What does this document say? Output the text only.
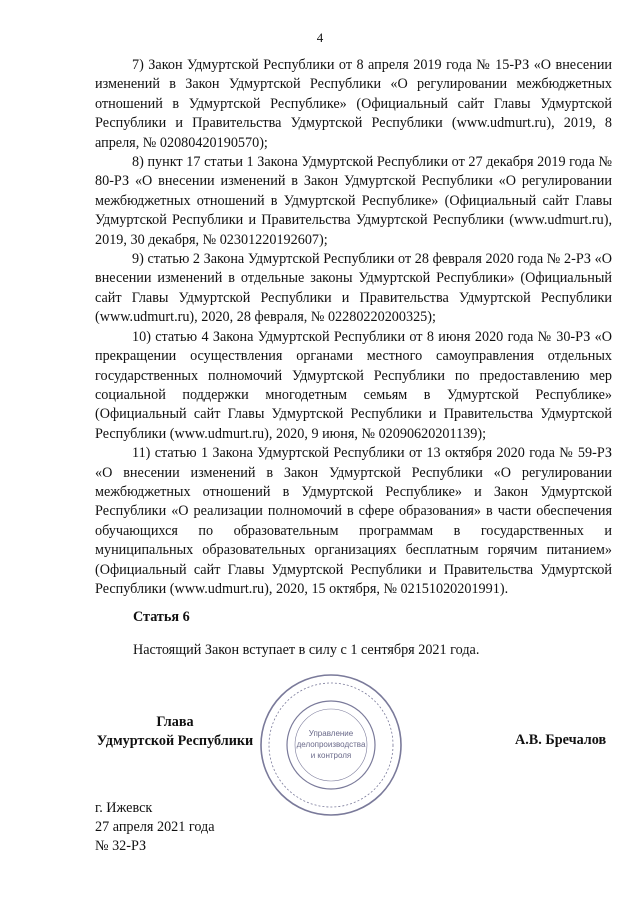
4

7) Закон Удмуртской Республики от 8 апреля 2019 года № 15-РЗ «О внесении изменений в Закон Удмуртской Республики «О регулировании межбюджетных отношений в Удмуртской Республике» (Официальный сайт Главы Удмуртской Республики и Правительства Удмуртской Республики (www.udmurt.ru), 2019, 8 апреля, № 02080420190570);

8) пункт 17 статьи 1 Закона Удмуртской Республики от 27 декабря 2019 года № 80-РЗ «О внесении изменений в Закон Удмуртской Республики «О регулировании межбюджетных отношений в Удмуртской Республике» (Официальный сайт Главы Удмуртской Республики и Правительства Удмуртской Республики (www.udmurt.ru), 2019, 30 декабря, № 02301220192607);

9) статью 2 Закона Удмуртской Республики от 28 февраля 2020 года № 2-РЗ «О внесении изменений в отдельные законы Удмуртской Республики» (Официальный сайт Главы Удмуртской Республики и Правительства Удмуртской Республики (www.udmurt.ru), 2020, 28 февраля, № 02280220200325);

10) статью 4 Закона Удмуртской Республики от 8 июня 2020 года № 30-РЗ «О прекращении осуществления органами местного самоуправления отдельных государственных полномочий Удмуртской Республики по предоставлению мер социальной поддержки многодетным семьям в Удмуртской Республике» (Официальный сайт Главы Удмуртской Республики и Правительства Удмуртской Республики (www.udmurt.ru), 2020, 9 июня, № 02090620201139);

11) статью 1 Закона Удмуртской Республики от 13 октября 2020 года № 59-РЗ «О внесении изменений в Закон Удмуртской Республики «О регулировании межбюджетных отношений в Удмуртской Республике» и Закон Удмуртской Республики «О реализации полномочий в сфере образования» в части обеспечения обучающихся по образовательным программам в государственных и муниципальных образовательных организациях бесплатным горячим питанием» (Официальный сайт Главы Удмуртской Республики и Правительства Удмуртской Республики (www.udmurt.ru), 2020, 15 октября, № 02151020201991).

Статья 6
Настоящий Закон вступает в силу с 1 сентября 2021 года.
Глава
Удмуртской Республики	Управление
делопроизводства
и контроля
А.В. Бречалов
г. Ижевск
27 апреля 2021 года
№ 32-РЗ
